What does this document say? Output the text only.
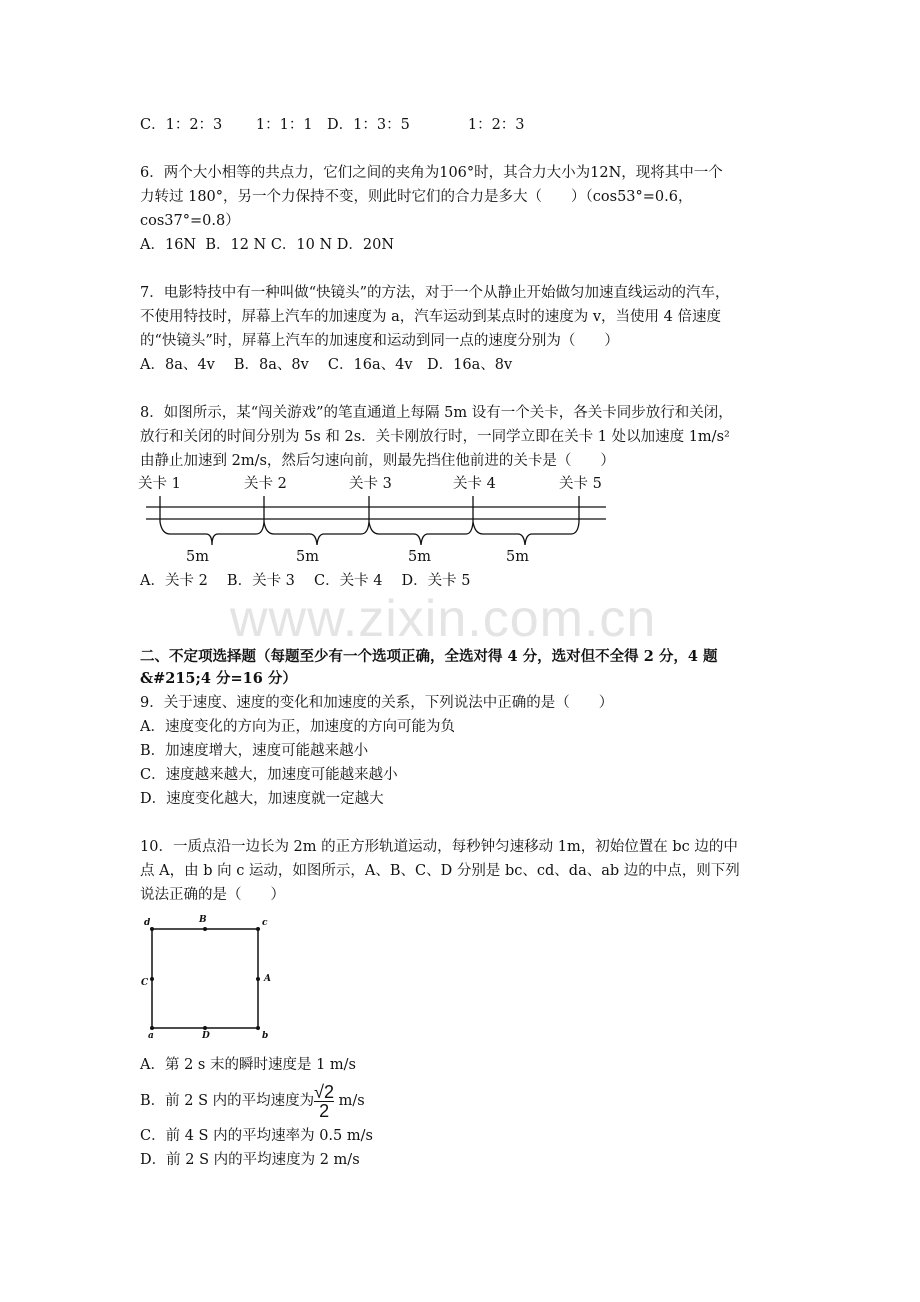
www.zixin.com.cn
C．1：2：3　　 1：1：1　D．1：3：5　　　　1：2：3
6．两个大小相等的共点力，它们之间的夹角为106°时，其合力大小为12N，现将其中一个
力转过 180°，另一个力保持不变，则此时它们的合力是多大（　　）（cos53°=0.6，
cos37°=0.8）
A．16N  B．12 N C．10 N D．20N
7．电影特技中有一种叫做“快镜头”的方法，对于一个从静止开始做匀加速直线运动的汽车，
不使用特技时，屏幕上汽车的加速度为 a，汽车运动到某点时的速度为 v，当使用 4 倍速度
的“快镜头”时，屏幕上汽车的加速度和运动到同一点的速度分别为（　　）
A．8a、4v　 B．8a、8v　 C．16a、4v　D．16a、8v
8．如图所示，某“闯关游戏”的笔直通道上每隔 5m 设有一个关卡，各关卡同步放行和关闭，
放行和关闭的时间分别为 5s 和 2s．关卡刚放行时，一同学立即在关卡 1 处以加速度 1m/s²
由静止加速到 2m/s，然后匀速向前，则最先挡住他前进的关卡是（　　）
关卡 1	关卡 2	关卡 3	关卡 4	关卡 5
5m	5m	5m	5m
A．关卡 2　 B．关卡 3　 C．关卡 4　 D．关卡 5
二、不定项选择题（每题至少有一个选项正确，全选对得 4 分，选对但不全得 2 分，4 题
&#215;4 分=16 分）
9．关于速度、速度的变化和加速度的关系，下列说法中正确的是（　　）
A．速度变化的方向为正，加速度的方向可能为负
B．加速度增大，速度可能越来越小
C．速度越来越大，加速度可能越来越小
D．速度变化越大，加速度就一定越大
10．一质点沿一边长为 2m 的正方形轨道运动，每秒钟匀速移动 1m，初始位置在 bc 边的中
点 A，由 b 向 c 运动，如图所示，A、B、C、D 分别是 bc、cd、da、ab 边的中点，则下列
说法正确的是（　　）
d	c
a	b
B
A
C
D
A．第 2 s 末的瞬时速度是 1 m/s
B．前 2 S 内的平均速度为 $\frac{√2}{2} m/s$
C．前 4 S 内的平均速率为 0.5 m/s
D．前 2 S 内的平均速度为 2 m/s
